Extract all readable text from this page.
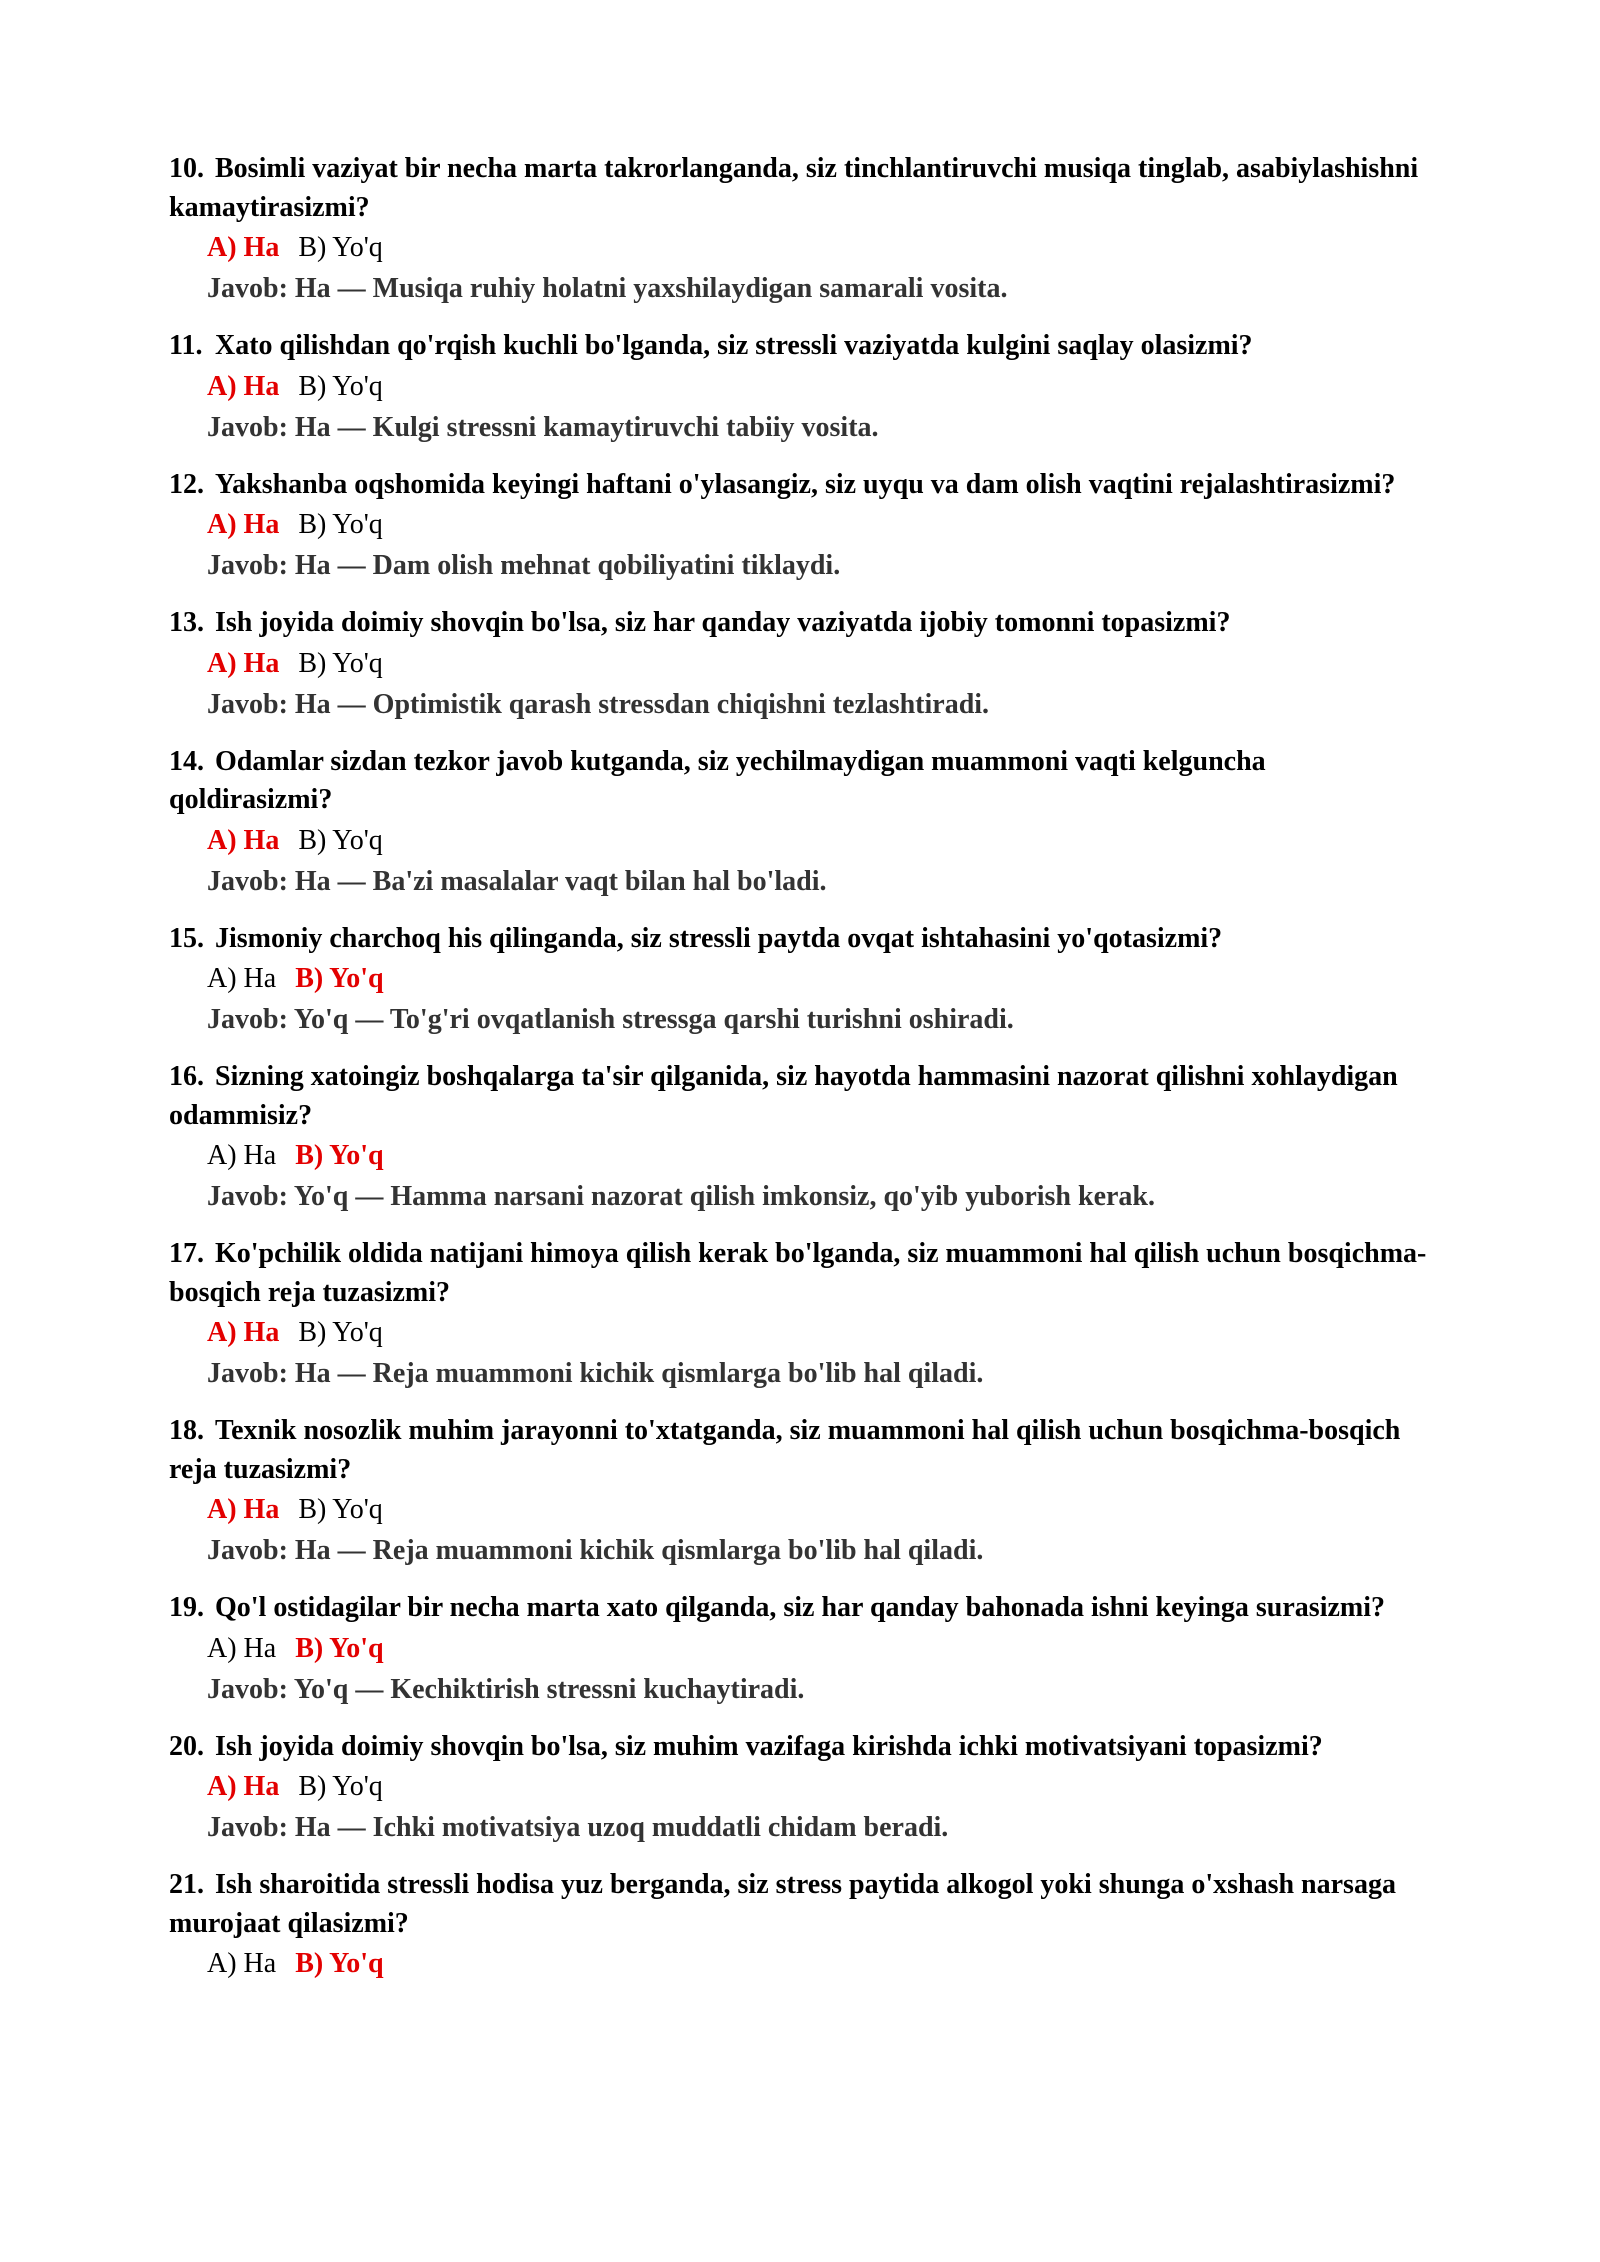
10. Bosimli vaziyat bir necha marta takrorlanganda, siz tinchlantiruvchi musiqa tinglab, asabiylashishni kamaytirasizmi?

A) Ha B) Yo'q
Javob: Ha — Musiqa ruhiy holatni yaxshilaydigan samarali vosita.

11. Xato qilishdan qo'rqish kuchli bo'lganda, siz stressli vaziyatda kulgini saqlay olasizmi?

A) Ha B) Yo'q
Javob: Ha — Kulgi stressni kamaytiruvchi tabiiy vosita.

12. Yakshanba oqshomida keyingi haftani o'ylasangiz, siz uyqu va dam olish vaqtini rejalashtirasizmi?

A) Ha B) Yo'q
Javob: Ha — Dam olish mehnat qobiliyatini tiklaydi.

13. Ish joyida doimiy shovqin bo'lsa, siz har qanday vaziyatda ijobiy tomonni topasizmi?

A) Ha B) Yo'q
Javob: Ha — Optimistik qarash stressdan chiqishni tezlashtiradi.

14. Odamlar sizdan tezkor javob kutganda, siz yechilmaydigan muammoni vaqti kelguncha qoldirasizmi?

A) Ha B) Yo'q
Javob: Ha — Ba'zi masalalar vaqt bilan hal bo'ladi.

15. Jismoniy charchoq his qilinganda, siz stressli paytda ovqat ishtahasini yo'qotasizmi?

A) Ha B) Yo'q
Javob: Yo'q — To'g'ri ovqatlanish stressga qarshi turishni oshiradi.

16. Sizning xatoingiz boshqalarga ta'sir qilganida, siz hayotda hammasini nazorat qilishni xohlaydigan odammisiz?

A) Ha B) Yo'q
Javob: Yo'q — Hamma narsani nazorat qilish imkonsiz, qo'yib yuborish kerak.

17. Ko'pchilik oldida natijani himoya qilish kerak bo'lganda, siz muammoni hal qilish uchun bosqichma-bosqich reja tuzasizmi?

A) Ha B) Yo'q
Javob: Ha — Reja muammoni kichik qismlarga bo'lib hal qiladi.

18. Texnik nosozlik muhim jarayonni to'xtatganda, siz muammoni hal qilish uchun bosqichma-bosqich reja tuzasizmi?

A) Ha B) Yo'q
Javob: Ha — Reja muammoni kichik qismlarga bo'lib hal qiladi.

19. Qo'l ostidagilar bir necha marta xato qilganda, siz har qanday bahonada ishni keyinga surasizmi?

A) Ha B) Yo'q
Javob: Yo'q — Kechiktirish stressni kuchaytiradi.

20. Ish joyida doimiy shovqin bo'lsa, siz muhim vazifaga kirishda ichki motivatsiyani topasizmi?

A) Ha B) Yo'q
Javob: Ha — Ichki motivatsiya uzoq muddatli chidam beradi.

21. Ish sharoitida stressli hodisa yuz berganda, siz stress paytida alkogol yoki shunga o'xshash narsaga murojaat qilasizmi?

A) Ha B) Yo'q
